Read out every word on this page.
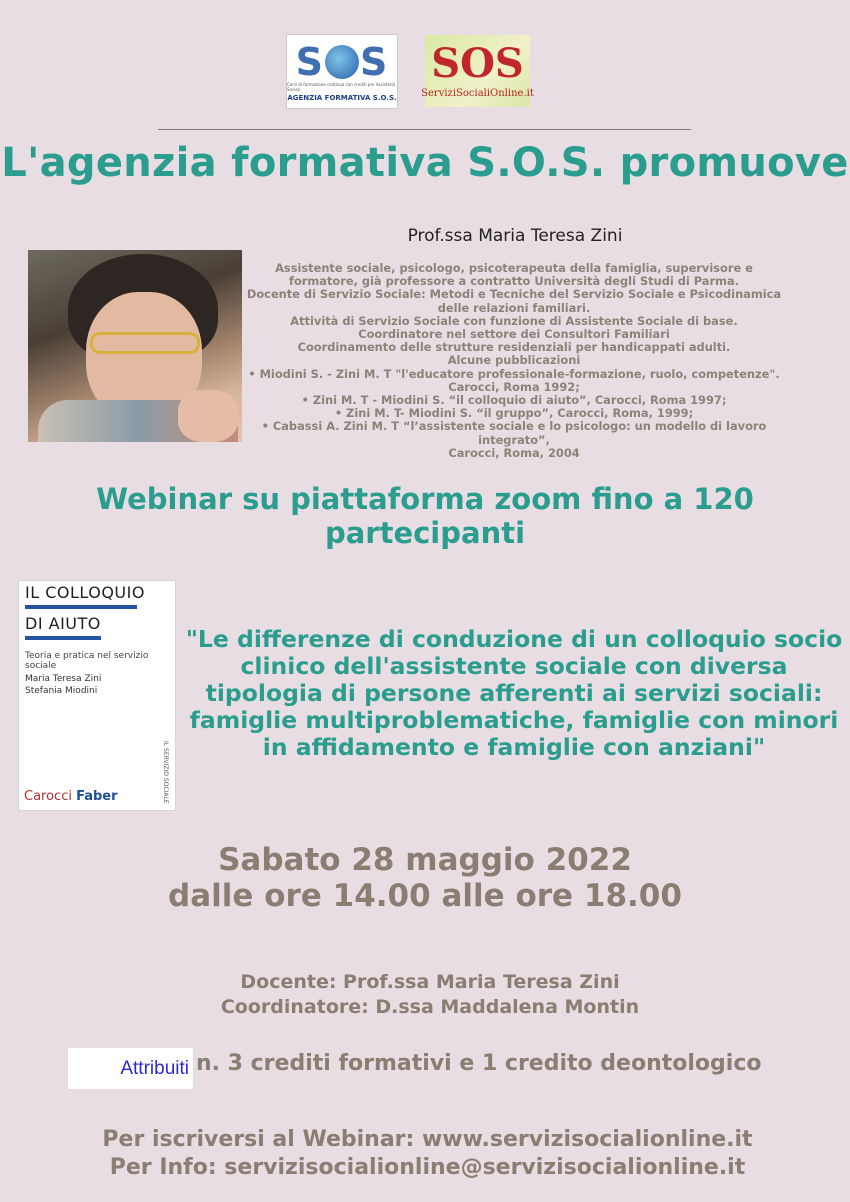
S S
Corsi di formazione continua con crediti per Assistenti Sociali
AGENZIA FORMATIVA S.O.S.
SOS
ServiziSocialiOnline.it
L'agenzia formativa S.O.S. promuove
Prof.ssa Maria Teresa Zini
Assistente sociale, psicologo, psicoterapeuta della famiglia, supervisore e
formatore, già professore a contratto Università degli Studi di Parma.
Docente di Servizio Sociale: Metodi e Tecniche del Servizio Sociale e Psicodinamica
delle relazioni familiari.
Attività di Servizio Sociale con funzione di Assistente Sociale di base.
Coordinatore nel settore dei Consultori Familiari
Coordinamento delle strutture residenziali per handicappati adulti.
Alcune pubblicazioni
• Miodini S. - Zini M. T "l'educatore professionale-formazione, ruolo, competenze".
Carocci, Roma 1992;
• Zini M. T - Miodini S. “il colloquio di aiuto”, Carocci, Roma 1997;
• Zini M. T- Miodini S. “il gruppo”, Carocci, Roma, 1999;
• Cabassi A. Zini M. T “l’assistente sociale e lo psicologo: un modello di lavoro
integrato”,
Carocci, Roma, 2004
Webinar su piattaforma zoom fino a 120
partecipanti
IL COLLOQUIO
DI AIUTO
Teoria e pratica nel servizio sociale
Maria Teresa Zini
Stefania Miodini
IL SERVIZIO SOCIALE
Carocci Faber
"Le differenze di conduzione di un colloquio socio clinico dell'assistente sociale con diversa tipologia di persone afferenti ai servizi sociali: famiglie multiproblematiche, famiglie con minori in affidamento e famiglie con anziani"
Sabato 28 maggio 2022
dalle ore 14.00 alle ore 18.00
Docente: Prof.ssa Maria Teresa Zini
Coordinatore: D.ssa Maddalena Montin
Attribuiti n. 3 crediti formativi e 1 credito deontologico
Per iscriversi al Webinar: www.servizisocialionline.it
Per Info: servizisocialionline@servizisocialionline.it
